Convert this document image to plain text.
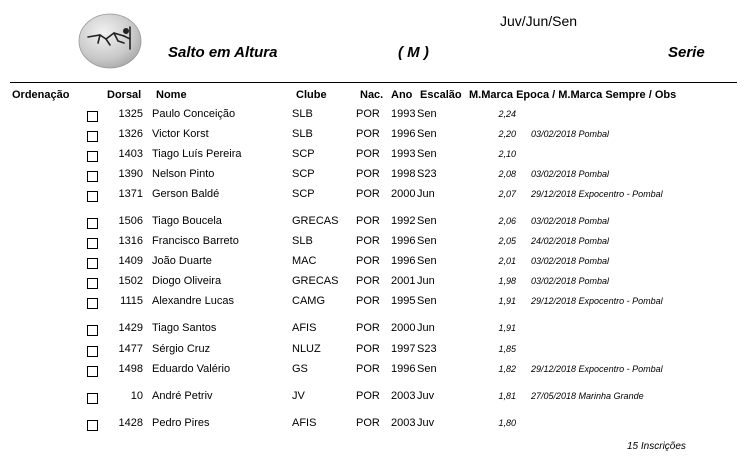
Juv/Jun/Sen
Salto em Altura	( M )	Serie
Ordenação	Dorsal Nome	Clube	Nac. Ano Escalão M.Marca Epoca / M.Marca Sempre / Obs
1325 Paulo Conceição	SLB	POR 1993 Sen	2,24
1326 Victor Korst	SLB	POR 1996 Sen	2,20 03/02/2018 Pombal
1403 Tiago Luís Pereira	SCP	POR 1993 Sen	2,10
1390 Nelson Pinto	SCP	POR 1998 S23	2,08 03/02/2018 Pombal
1371 Gerson Baldé	SCP	POR 2000 Jun	2,07 29/12/2018 Expocentro - Pombal
1506 Tiago Boucela	GRECAS POR 1992 Sen	2,06 03/02/2018 Pombal
1316 Francisco Barreto	SLB	POR 1996 Sen	2,05 24/02/2018 Pombal
1409 João Duarte	MAC	POR 1996 Sen	2,01 03/02/2018 Pombal
1502 Diogo Oliveira	GRECAS POR 2001 Jun	1,98 03/02/2018 Pombal
1115 Alexandre Lucas	CAMG	POR 1995 Sen	1,91 29/12/2018 Expocentro - Pombal
1429 Tiago Santos	AFIS	POR 2000 Jun	1,91
1477 Sérgio Cruz	NLUZ	POR 1997 S23	1,85
1498 Eduardo Valério	GS	POR 1996 Sen	1,82 29/12/2018 Expocentro - Pombal
10 André Petriv	JV	POR 2003 Juv	1,81 27/05/2018 Marinha Grande
1428 Pedro Pires	AFIS	POR 2003 Juv	1,80
15 Inscrições
